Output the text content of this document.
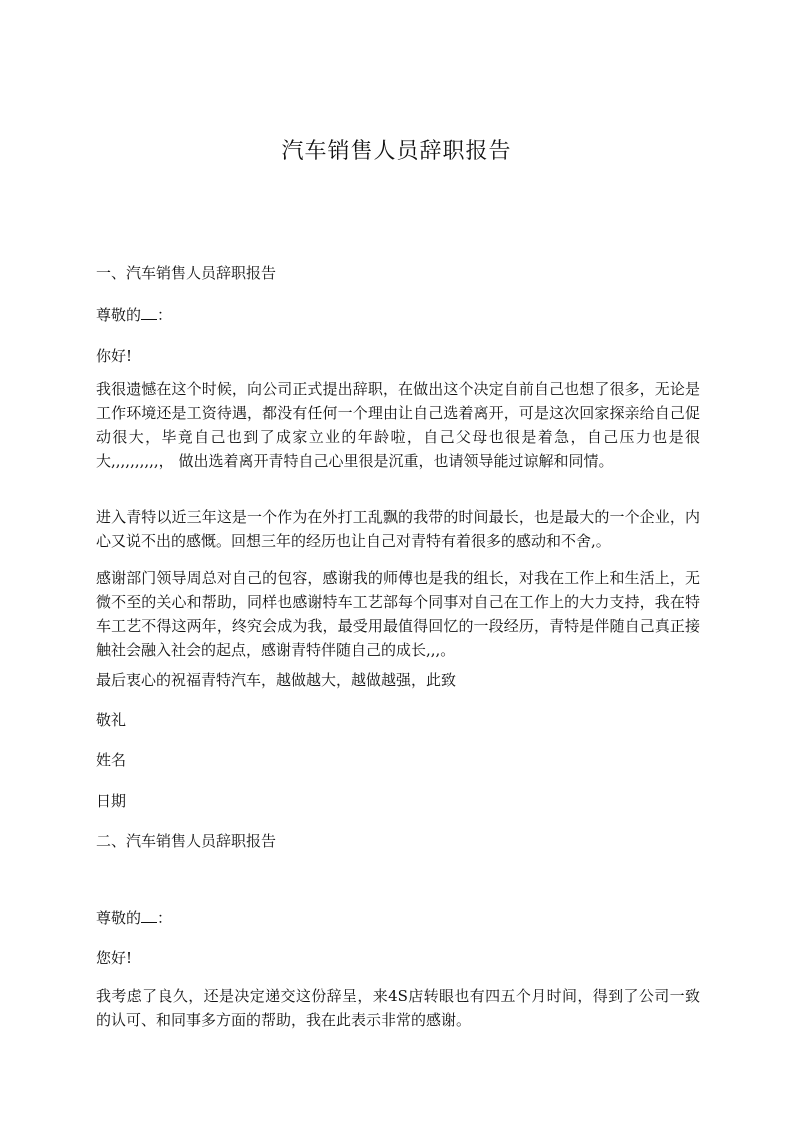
汽车销售人员辞职报告

一、汽车销售人员辞职报告

尊敬的 ：

你好!

我很遗憾在这个时候，向公司正式提出辞职，在做出这个决定自前自己也想了很多，无论是工作环境还是工资待遇，都没有任何一个理由让自己选着离开，可是这次回家探亲给自己促动很大，毕竟自己也到了成家立业的年龄啦，自己父母也很是着急，自己压力也是很大,,,,,,,,,,， 做出选着离开青特自己心里很是沉重，也请领导能过谅解和同情。

进入青特以近三年这是一个作为在外打工乱飘的我带的时间最长，也是最大的一个企业，内心又说不出的感慨。回想三年的经历也让自己对青特有着很多的感动和不舍,。

感谢部门领导周总对自己的包容，感谢我的师傅也是我的组长，对我在工作上和生活上，无微不至的关心和帮助，同样也感谢特车工艺部每个同事对自己在工作上的大力支持，我在特车工艺不得这两年，终究会成为我，最受用最值得回忆的一段经历，青特是伴随自己真正接触社会融入社会的起点，感谢青特伴随自己的成长,,,。

最后衷心的祝福青特汽车，越做越大，越做越强，此致

敬礼

姓名

日期

二、汽车销售人员辞职报告

尊敬的 ：

您好!

我考虑了良久，还是决定递交这份辞呈，来4S店转眼也有四五个月时间，得到了公司一致的认可、和同事多方面的帮助，我在此表示非常的感谢。
